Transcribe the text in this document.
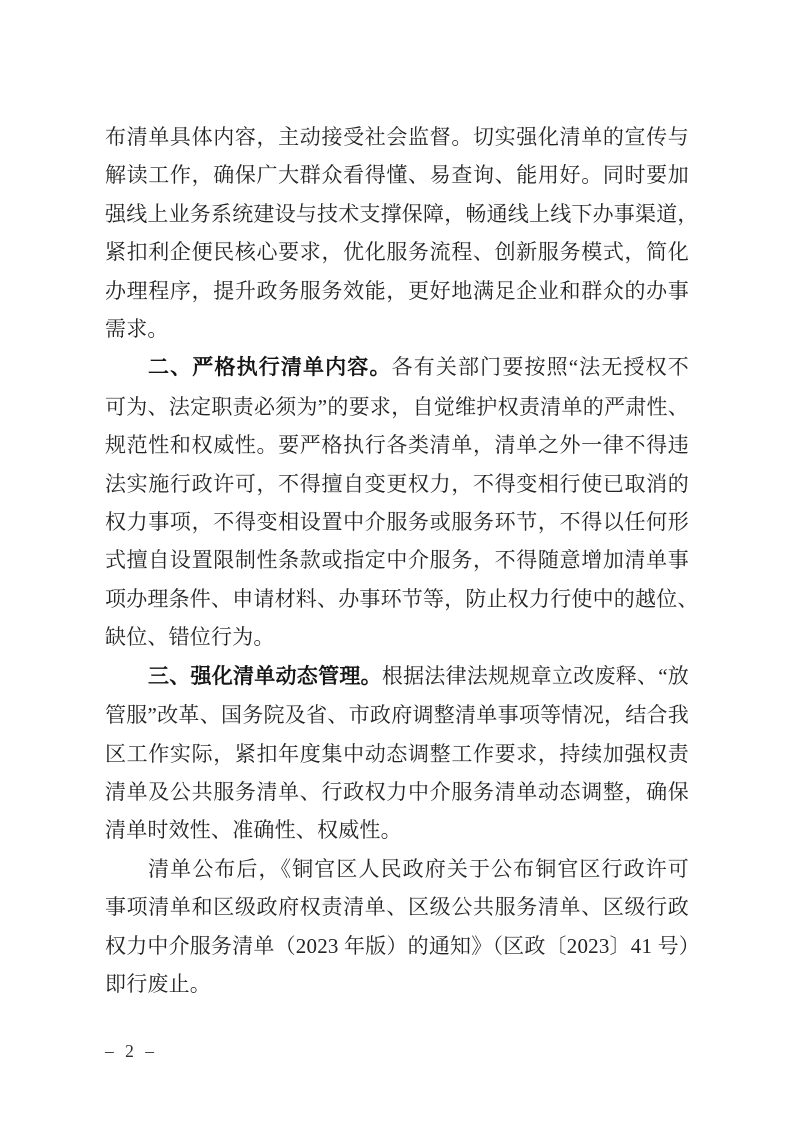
布清单具体内容，主动接受社会监督。切实强化清单的宣传与
解读工作，确保广大群众看得懂、易查询、能用好。同时要加
强线上业务系统建设与技术支撑保障，畅通线上线下办事渠道，
紧扣利企便民核心要求，优化服务流程、创新服务模式，简化
办理程序，提升政务服务效能，更好地满足企业和群众的办事
需求。
二、严格执行清单内容。各有关部门要按照“法无授权不
可为、法定职责必须为”的要求，自觉维护权责清单的严肃性、
规范性和权威性。要严格执行各类清单，清单之外一律不得违
法实施行政许可，不得擅自变更权力，不得变相行使已取消的
权力事项，不得变相设置中介服务或服务环节，不得以任何形
式擅自设置限制性条款或指定中介服务，不得随意增加清单事
项办理条件、申请材料、办事环节等，防止权力行使中的越位、
缺位、错位行为。
三、强化清单动态管理。根据法律法规规章立改废释、“放
管服”改革、国务院及省、市政府调整清单事项等情况，结合我
区工作实际，紧扣年度集中动态调整工作要求，持续加强权责
清单及公共服务清单、行政权力中介服务清单动态调整，确保
清单时效性、准确性、权威性。
清单公布后，《铜官区人民政府关于公布铜官区行政许可
事项清单和区级政府权责清单、区级公共服务清单、区级行政
权力中介服务清单（2023 年版）的通知》（区政〔2023〕41 号）
即行废止。
– 2 –
